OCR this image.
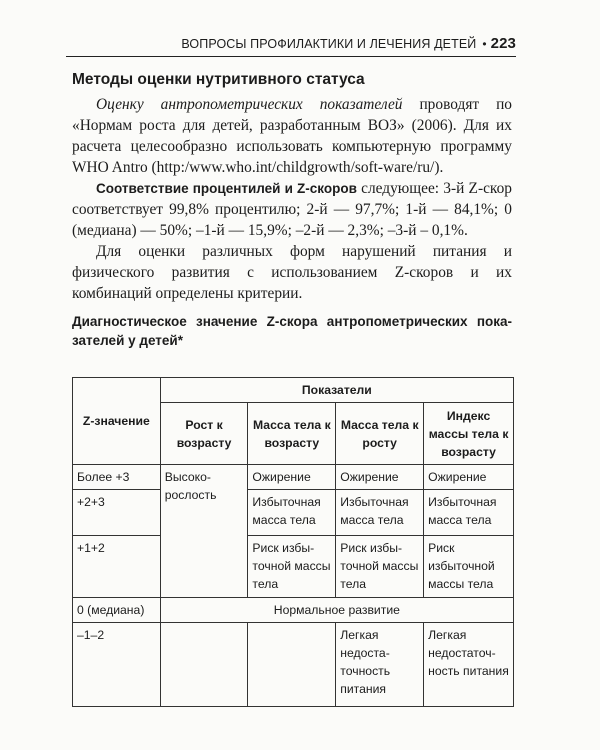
ВОПРОСЫ ПРОФИЛАКТИКИ И ЛЕЧЕНИЯ ДЕТЕЙ • 223
Методы оценки нутритивного статуса

Оценку антропометрических показателей проводят по «Нормам роста для детей, разработанным ВОЗ» (2006). Для их расчета целесообразно использовать компьютерную программу WHO Antro (http:/www.who.int/childgrowth/soft-ware/ru/).

Соответствие процентилей и Z-скоров следующее: 3-й Z-скор соответствует 99,8% процентилю; 2-й — 97,7%; 1-й — 84,1%; 0 (медиана) — 50%; –1-й — 15,9%; –2-й — 2,3%; –3-й – 0,1%.

Для оценки различных форм нарушений питания и физического развития с использованием Z-скоров и их комбинаций определены критерии.

Диагностическое значение Z-скора антропометрических пока-зателей у детей*
Z-значение	Показатели			
	Рост к возрасту	Масса тела к возрасту	Масса тела к росту	Индекс массы тела к возрасту
Более +3	Высоко-рослость	Ожирение	Ожирение	Ожирение
+2+3		Избыточная масса тела	Избыточная масса тела	Избыточная масса тела
+1+2		Риск избы-точной массы тела	Риск избы-точной массы тела	Риск избыточной массы тела
0 (медиана)	Нормальное развитие			
–1–2			Легкая недоста-точность питания	Легкая недостаточ-ность питания
